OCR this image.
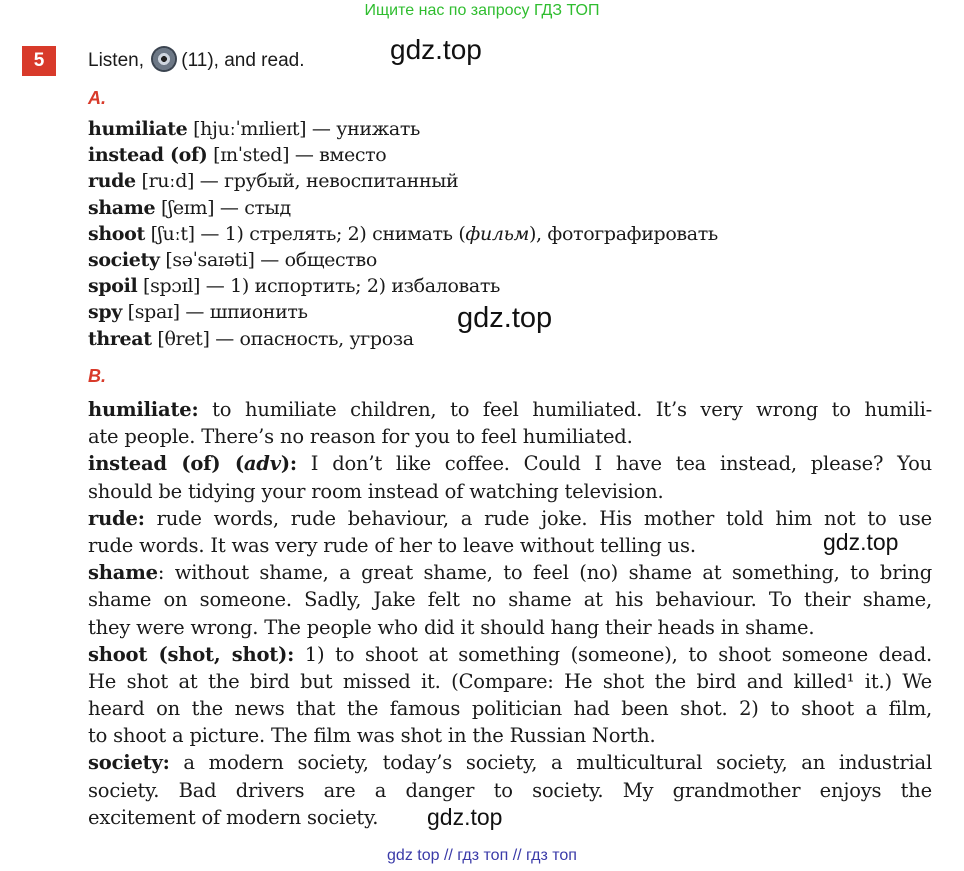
Ищите нас по запросу ГДЗ ТОП
5	Listen, (11), and read.	gdz.top
A.
humiliate [hjuːˈmɪlieɪt] — унижать
instead (of) [ɪnˈsted] — вместо
rude [ruːd] — грубый, невоспитанный
shame [ʃeɪm] — стыд
shoot [ʃuːt] — 1) стрелять; 2) снимать (фильм), фотографировать
society [səˈsaɪəti] — общество
spoil [spɔɪl] — 1) испортить; 2) избаловать
spy [spaɪ] — шпионить
threat [θret] — опасность, угроза
gdz.top
B.
humiliate: to humiliate children, to feel humiliated. It’s very wrong to humili-
ate people. There’s no reason for you to feel humiliated.
instead (of) (adv): I don’t like coffee. Could I have tea instead, please? You
should be tidying your room instead of watching television.
rude: rude words, rude behaviour, a rude joke. His mother told him not to use
rude words. It was very rude of her to leave without telling us.
shame: without shame, a great shame, to feel (no) shame at something, to bring
shame on someone. Sadly, Jake felt no shame at his behaviour. To their shame,
they were wrong. The people who did it should hang their heads in shame.
shoot (shot, shot): 1) to shoot at something (someone), to shoot someone dead.
He shot at the bird but missed it. (Compare: He shot the bird and killed¹ it.) We
heard on the news that the famous politician had been shot. 2) to shoot a film,
to shoot a picture. The film was shot in the Russian North.
society: a modern society, today’s society, a multicultural society, an industrial
society. Bad drivers are a danger to society. My grandmother enjoys the
excitement of modern society.
gdz.top
gdz.top
gdz top // гдз топ // гдз топ
